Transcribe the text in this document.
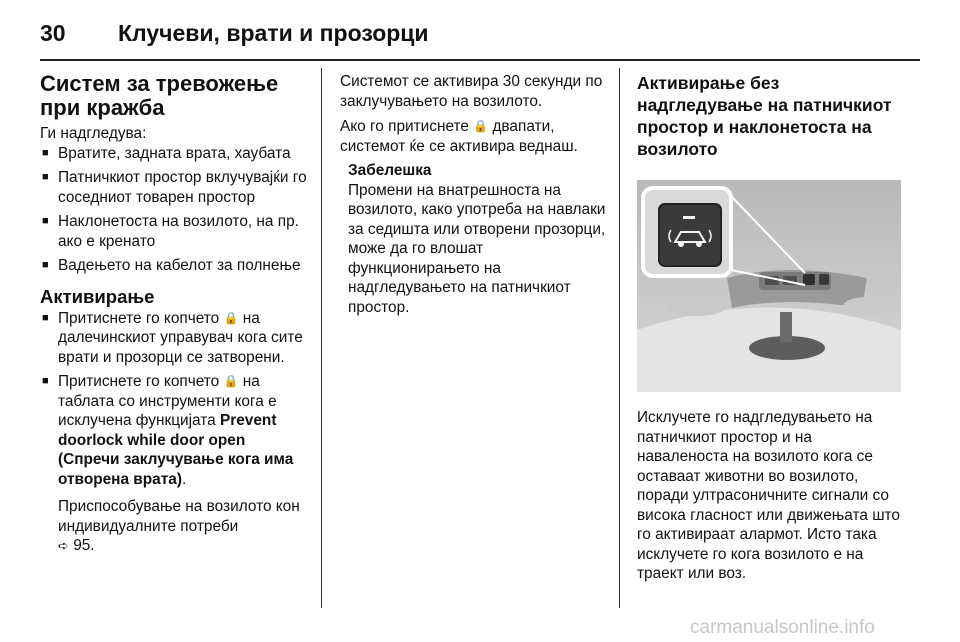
30 Клучеви, врати и прозорци
Систем за тревожење при кражба

Ги надгледува:

■ Вратите, задната врата, хаубата
■ Патничкиот простор вклучувајќи го соседниот товарен простор
■ Наклонетоста на возилото, на пр. ако е кренато
■ Вадењето на кабелот за полнење
Активирање
■ Притиснете го копчето 🔒 на далечинскиот управувач кога сите врати и прозорци се затворени.
■ Притиснете го копчето 🔒 на таблата со инструменти кога е исклучена функцијата Prevent doorlock while door open (Спречи заклучување кога има отворена врата).

Приспособување на возилото кон индивидуалните потреби
➪ 95.

Системот се активира 30 секунди по заклучувањето на возилото.

Ако го притиснете 🔒 двапати, системот ќе се активира веднаш.

Забелешка

Промени на внатрешноста на возилото, како употреба на навлаки за седишта или отворени прозорци, може да го влошат функционирањето на надгледувањето на патничкиот простор.

Активирање без надгледување на патничкиот простор и наклонетоста на возилото

Исклучете го надгледувањето на патничкиот простор и на наваленоста на возилото кога се оставаат животни во возилото, поради ултрасоничните сигнали со висока гласност или движењата што го активираат алармот. Исто така исклучете го кога возилото е на траект или воз.

carmanualsonline.info
